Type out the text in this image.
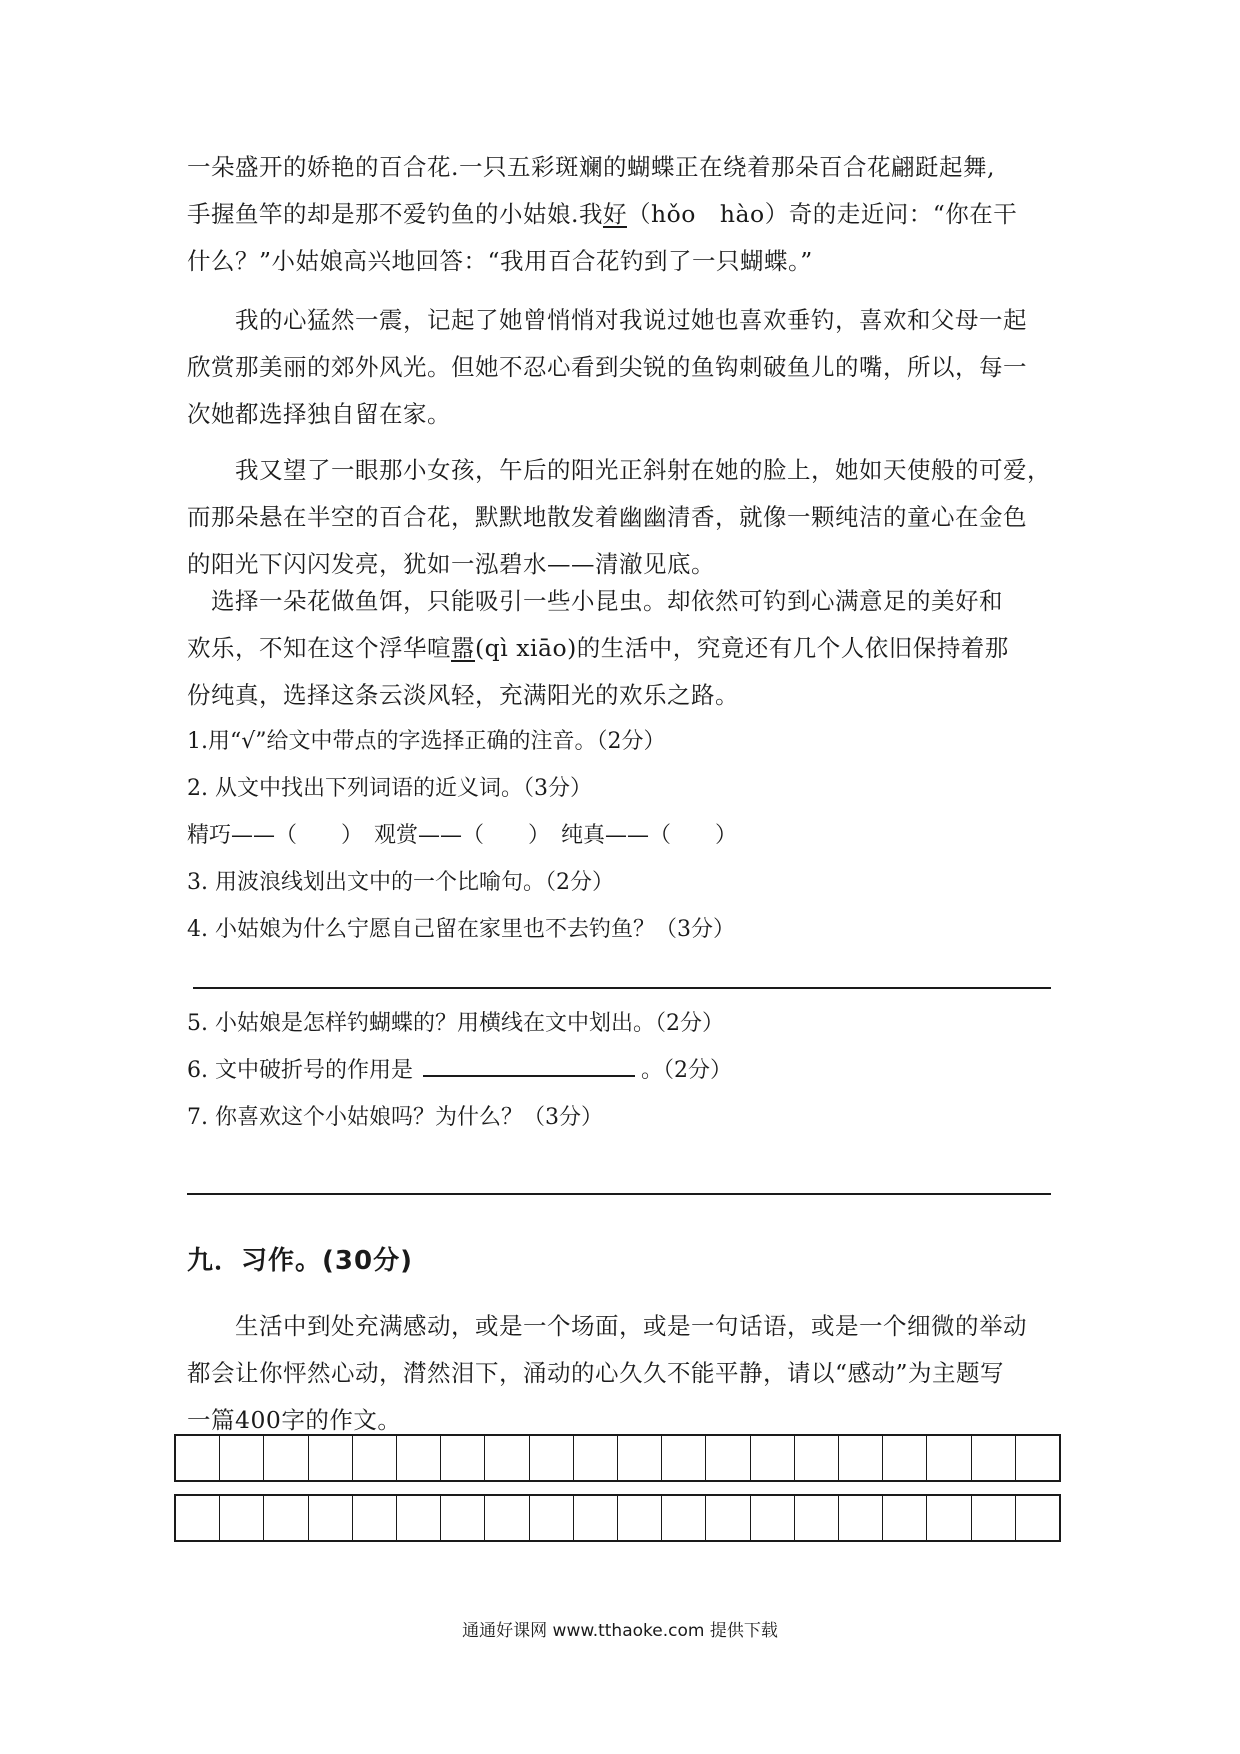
一朵盛开的娇艳的百合花.一只五彩斑斓的蝴蝶正在绕着那朵百合花翩跹起舞,
手握鱼竿的却是那不爱钓鱼的小姑娘.我好（hǒo　hào）奇的走近问：“你在干
什么？”小姑娘高兴地回答：“我用百合花钓到了一只蝴蝶。”
　　我的心猛然一震，记起了她曾悄悄对我说过她也喜欢垂钓，喜欢和父母一起
欣赏那美丽的郊外风光。但她不忍心看到尖锐的鱼钩刺破鱼儿的嘴，所以，每一
次她都选择独自留在家。
　　我又望了一眼那小女孩，午后的阳光正斜射在她的脸上，她如天使般的可爱，
而那朵悬在半空的百合花，默默地散发着幽幽清香，就像一颗纯洁的童心在金色
的阳光下闪闪发亮，犹如一泓碧水——清澈见底。
　选择一朵花做鱼饵，只能吸引一些小昆虫。却依然可钓到心满意足的美好和
欢乐，不知在这个浮华喧嚣(qì xiāo)的生活中，究竟还有几个人依旧保持着那
份纯真，选择这条云淡风轻，充满阳光的欢乐之路。
1.用“√”给文中带点的字选择正确的注音。（2分）
2. 从文中找出下列词语的近义词。（3分）
精巧——（　　）　观赏——（　　）　纯真——（　　）
3. 用波浪线划出文中的一个比喻句。（2分）
4. 小姑娘为什么宁愿自己留在家里也不去钓鱼？（3分）
5. 小姑娘是怎样钓蝴蝶的？用横线在文中划出。（2分）
6. 文中破折号的作用是	。（2分）
7. 你喜欢这个小姑娘吗？为什么？（3分）
九．习作。(30分)
　　生活中到处充满感动，或是一个场面，或是一句话语，或是一个细微的举动
都会让你怦然心动，潸然泪下，涌动的心久久不能平静，请以“感动”为主题写
一篇400字的作文。
通通好课网 www.tthaoke.com 提供下载
